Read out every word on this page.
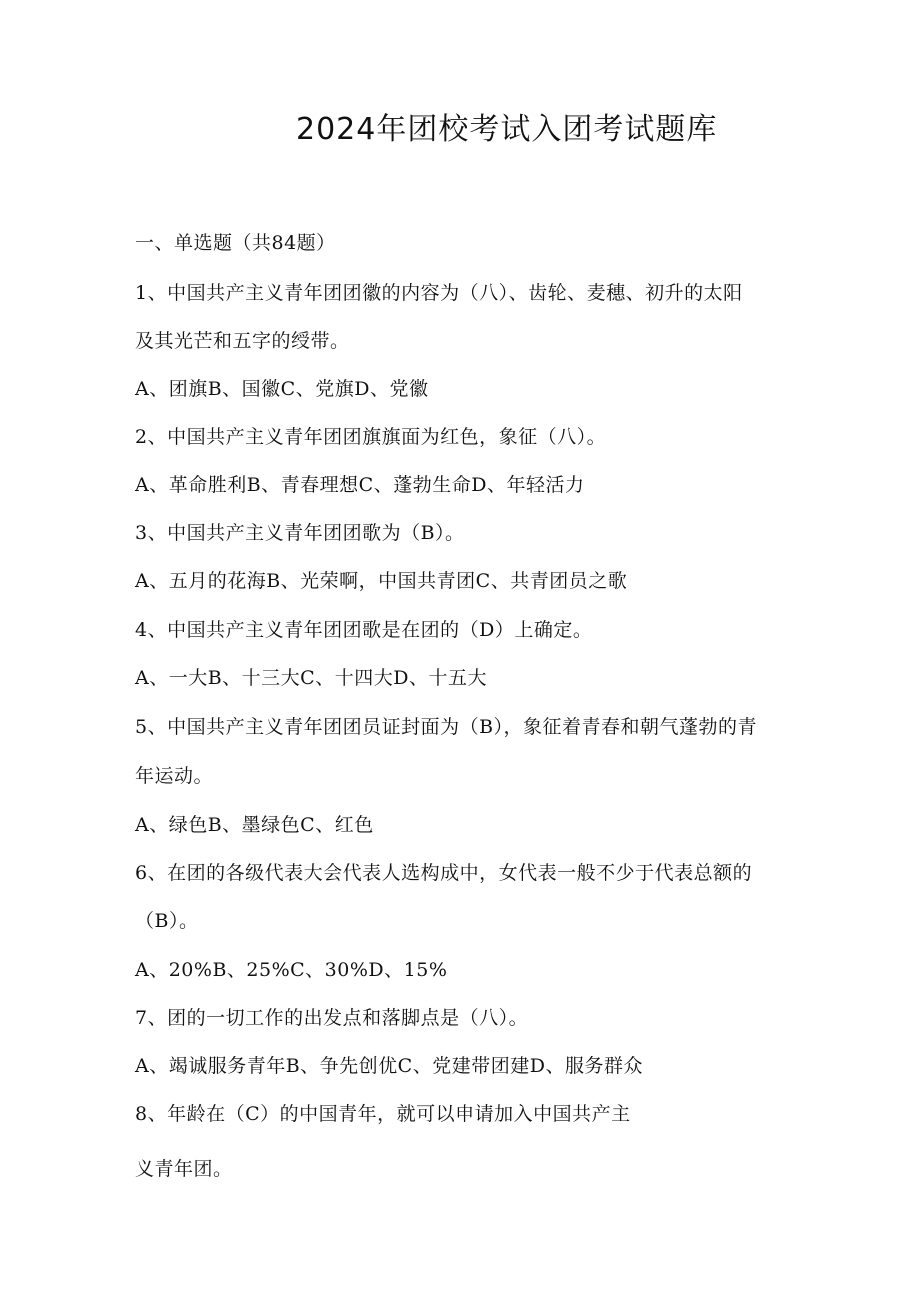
2024年团校考试入团考试题库

一、单选题（共84题）

1、中国共产主义青年团团徽的内容为（八）、齿轮、麦穗、初升的太阳

及其光芒和五字的绶带。

A、团旗B、国徽C、党旗D、党徽

2、中国共产主义青年团团旗旗面为红色，象征（八）。

A、革命胜利B、青春理想C、蓬勃生命D、年轻活力

3、中国共产主义青年团团歌为（B）。

A、五月的花海B、光荣啊，中国共青团C、共青团员之歌

4、中国共产主义青年团团歌是在团的（D）上确定。

A、一大B、十三大C、十四大D、十五大

5、中国共产主义青年团团员证封面为（B），象征着青春和朝气蓬勃的青

年运动。

A、绿色B、墨绿色C、红色

6、在团的各级代表大会代表人选构成中，女代表一般不少于代表总额的

（B）。

A、20%B、25%C、30%D、15%

7、团的一切工作的出发点和落脚点是（八）。

A、竭诚服务青年B、争先创优C、党建带团建D、服务群众

8、年龄在（C）的中国青年，就可以申请加入中国共产主

义青年团。
